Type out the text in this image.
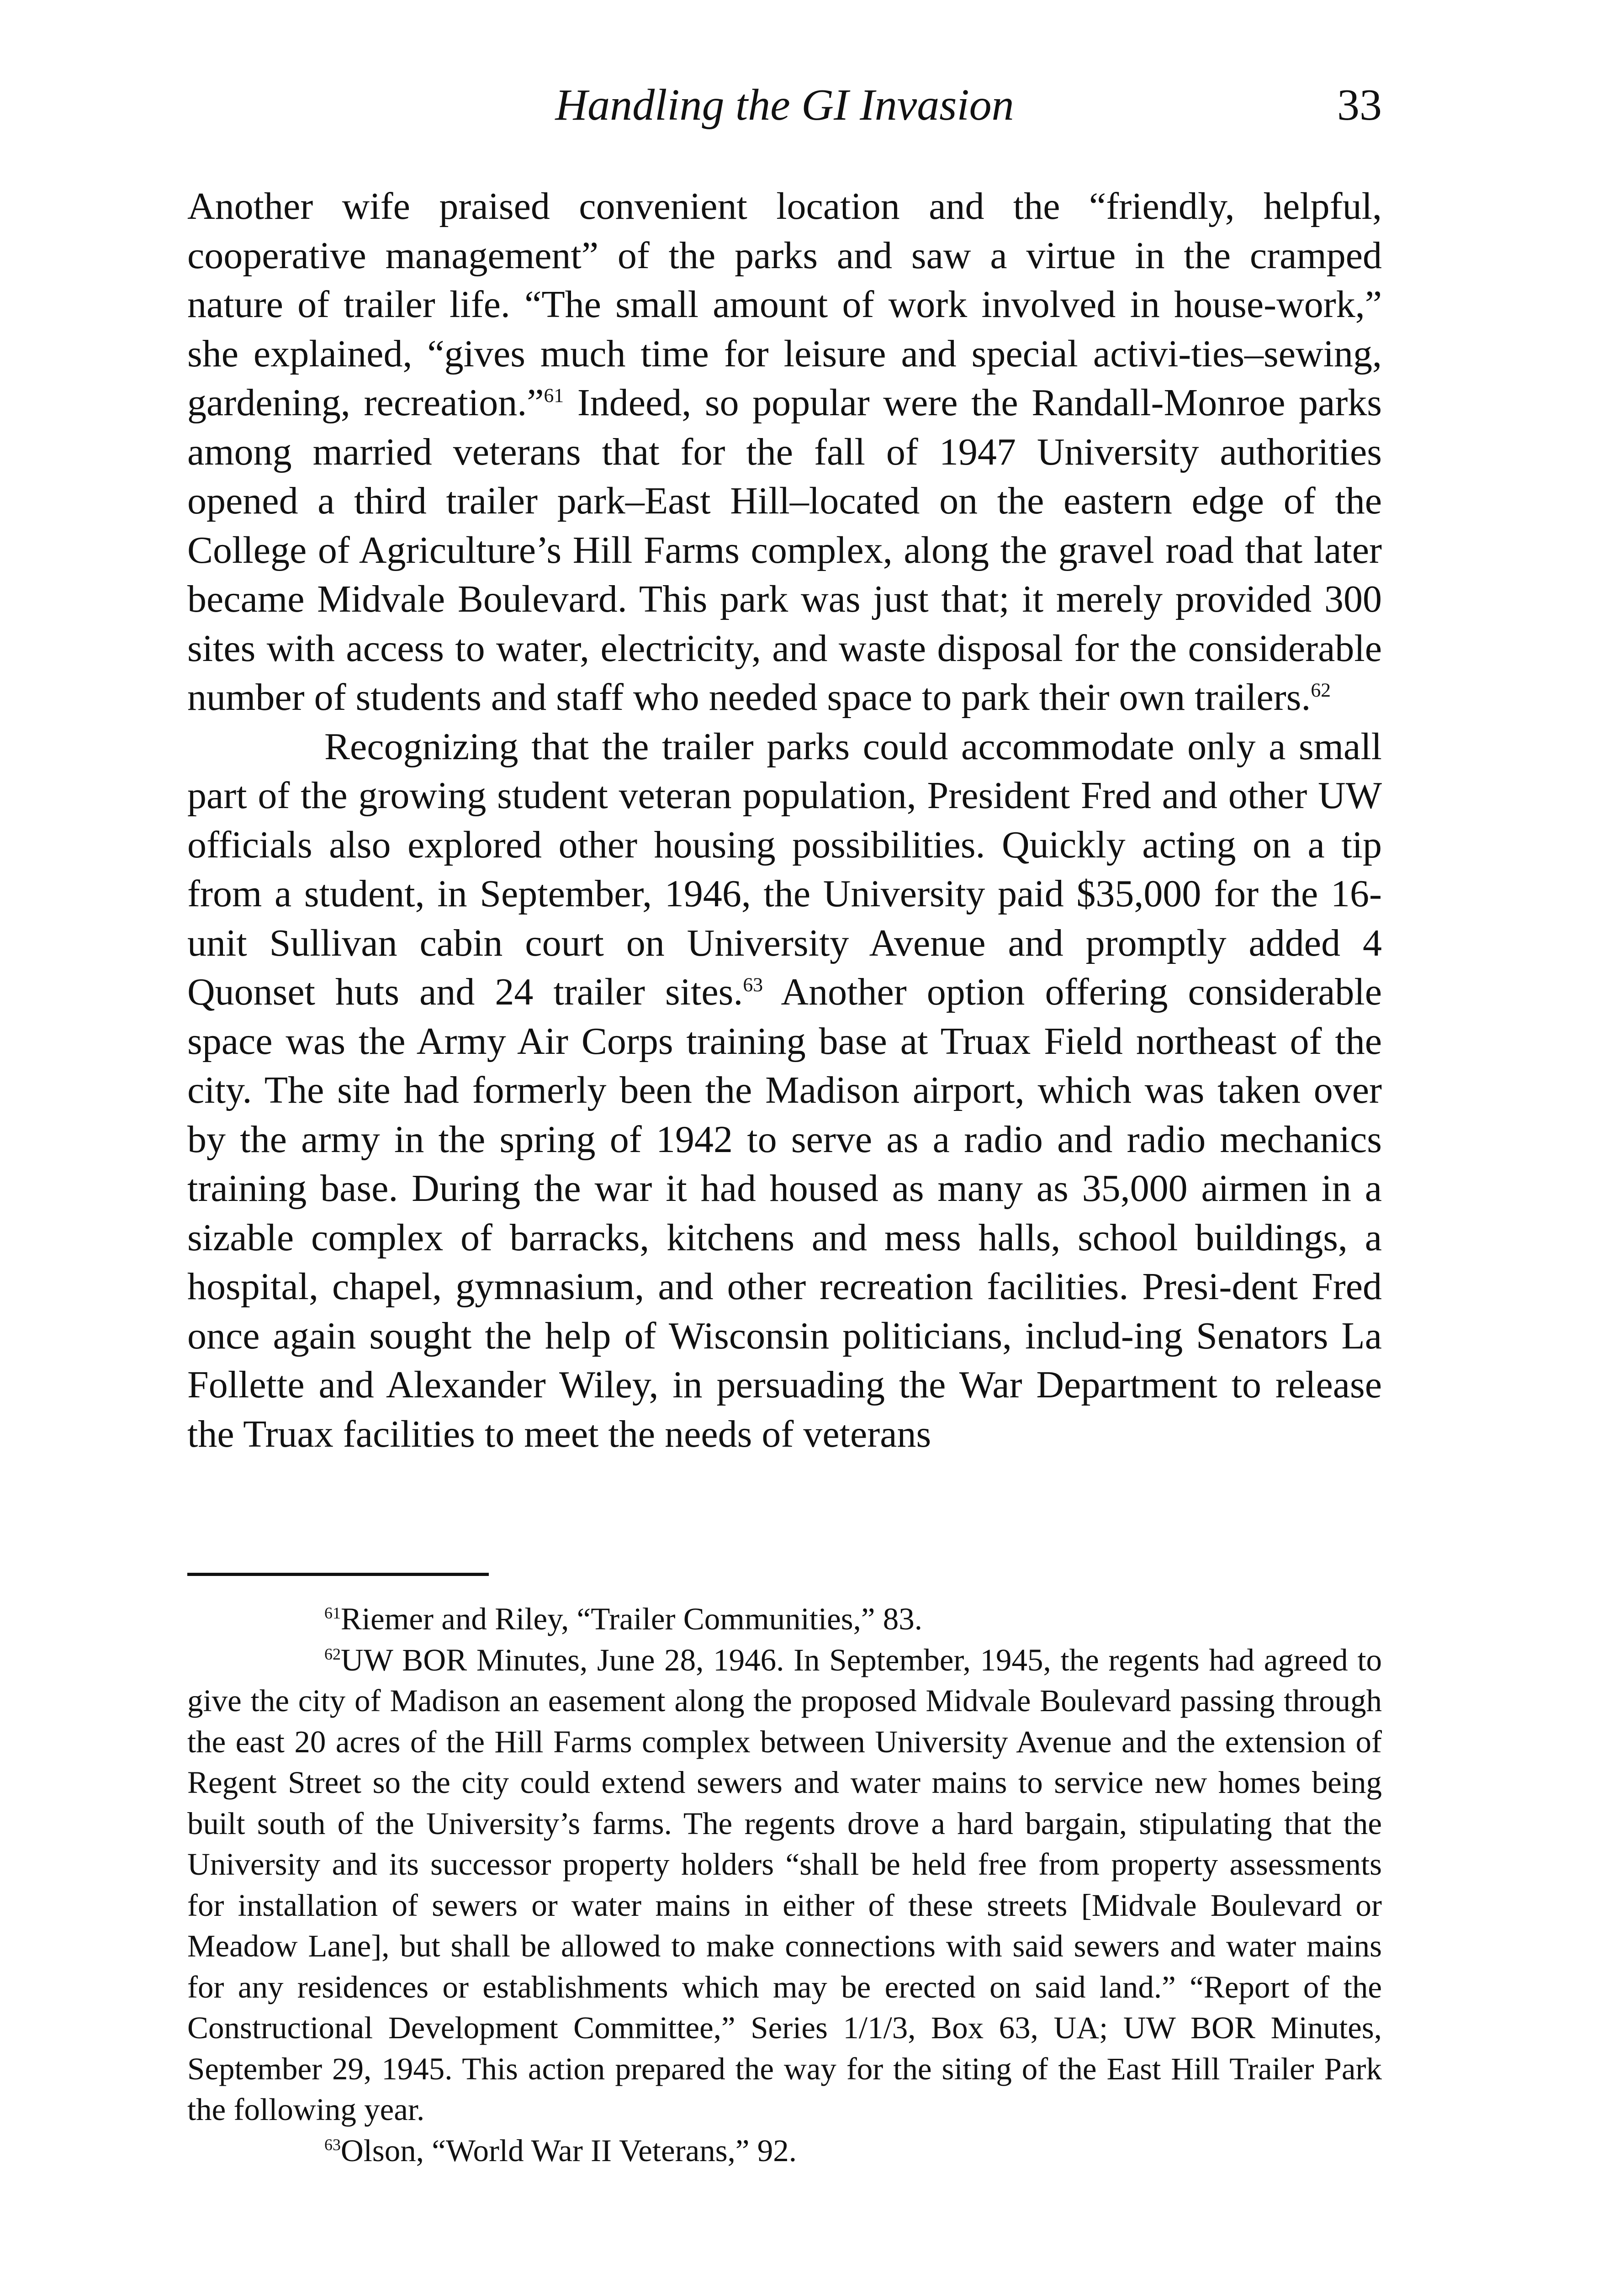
Handling the GI Invasion	33

Another wife praised convenient location and the “friendly, helpful, cooperative management” of the parks and saw a virtue in the cramped nature of trailer life. “The small amount of work involved in house-work,” she explained, “gives much time for leisure and special activi-ties–sewing, gardening, recreation.”$^{61}$ Indeed, so popular were the Randall-Monroe parks among married veterans that for the fall of 1947 University authorities opened a third trailer park–East Hill–located on the eastern edge of the College of Agriculture’s Hill Farms complex, along the gravel road that later became Midvale Boulevard. This park was just that; it merely provided 300 sites with access to water, electricity, and waste disposal for the considerable number of students and staff who needed space to park their own trailers.$^{62}$

Recognizing that the trailer parks could accommodate only a small part of the growing student veteran population, President Fred and other UW officials also explored other housing possibilities. Quickly acting on a tip from a student, in September, 1946, the University paid $35,000 for the 16-unit Sullivan cabin court on University Avenue and promptly added 4 Quonset huts and 24 trailer sites.$^{63}$ Another option offering considerable space was the Army Air Corps training base at Truax Field northeast of the city. The site had formerly been the Madison airport, which was taken over by the army in the spring of 1942 to serve as a radio and radio mechanics training base. During the war it had housed as many as 35,000 airmen in a sizable complex of barracks, kitchens and mess halls, school buildings, a hospital, chapel, gymnasium, and other recreation facilities. Presi-dent Fred once again sought the help of Wisconsin politicians, includ-ing Senators La Follette and Alexander Wiley, in persuading the War Department to release the Truax facilities to meet the needs of veterans

$^{61}$Riemer and Riley, “Trailer Communities,” 83.

$^{62}$UW BOR Minutes, June 28, 1946. In September, 1945, the regents had agreed to give the city of Madison an easement along the proposed Midvale Boulevard passing through the east 20 acres of the Hill Farms complex between University Avenue and the extension of Regent Street so the city could extend sewers and water mains to service new homes being built south of the University’s farms. The regents drove a hard bargain, stipulating that the University and its successor property holders “shall be held free from property assessments for installation of sewers or water mains in either of these streets [Midvale Boulevard or Meadow Lane], but shall be allowed to make connections with said sewers and water mains for any residences or establishments which may be erected on said land.” “Report of the Constructional Development Committee,” Series 1/1/3, Box 63, UA; UW BOR Minutes, September 29, 1945. This action prepared the way for the siting of the East Hill Trailer Park the following year.

$^{63}$Olson, “World War II Veterans,” 92.
